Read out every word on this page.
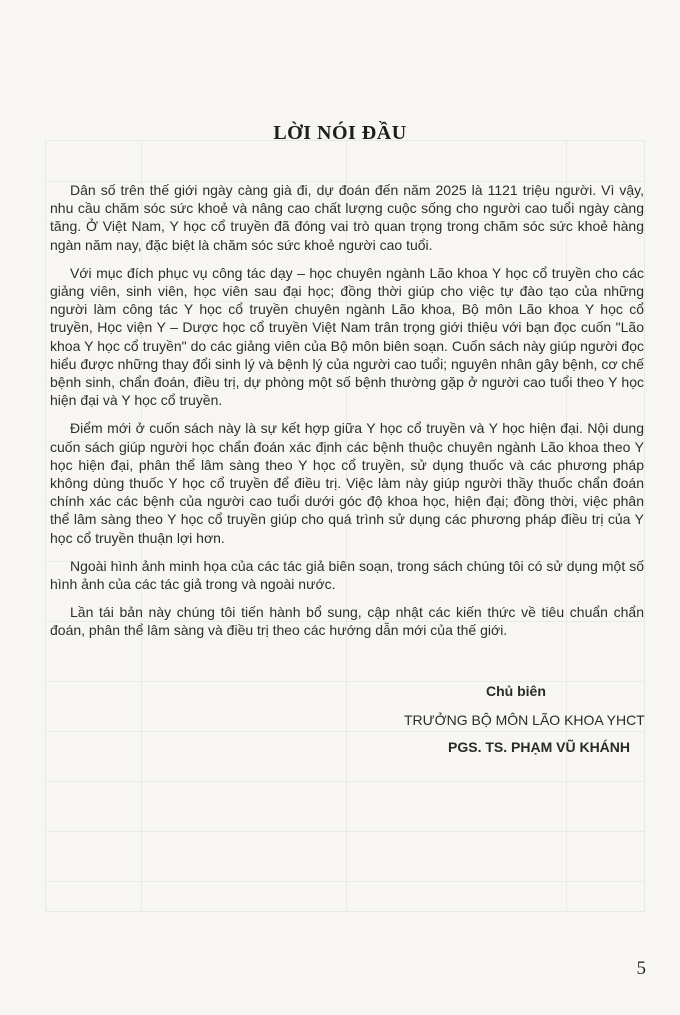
LỜI NÓI ĐẦU

Dân số trên thế giới ngày càng già đi, dự đoán đến năm 2025 là 1121 triệu người. Vì vậy, nhu cầu chăm sóc sức khoẻ và nâng cao chất lượng cuộc sống cho người cao tuổi ngày càng tăng. Ở Việt Nam, Y học cổ truyền đã đóng vai trò quan trọng trong chăm sóc sức khoẻ hàng ngàn năm nay, đặc biệt là chăm sóc sức khoẻ người cao tuổi.

Với mục đích phục vụ công tác dạy – học chuyên ngành Lão khoa Y học cổ truyền cho các giảng viên, sinh viên, học viên sau đại học; đồng thời giúp cho việc tự đào tạo của những người làm công tác Y học cổ truyền chuyên ngành Lão khoa, Bộ môn Lão khoa Y học cổ truyền, Học viện Y – Dược học cổ truyền Việt Nam trân trọng giới thiệu với bạn đọc cuốn "Lão khoa Y học cổ truyền" do các giảng viên của Bộ môn biên soạn. Cuốn sách này giúp người đọc hiểu được những thay đổi sinh lý và bệnh lý của người cao tuổi; nguyên nhân gây bệnh, cơ chế bệnh sinh, chẩn đoán, điều trị, dự phòng một số bệnh thường gặp ở người cao tuổi theo Y học hiện đại và Y học cổ truyền.

Điểm mới ở cuốn sách này là sự kết hợp giữa Y học cổ truyền và Y học hiện đại. Nội dung cuốn sách giúp người học chẩn đoán xác định các bệnh thuộc chuyên ngành Lão khoa theo Y học hiện đại, phân thể lâm sàng theo Y học cổ truyền, sử dụng thuốc và các phương pháp không dùng thuốc Y học cổ truyền để điều trị. Việc làm này giúp người thầy thuốc chẩn đoán chính xác các bệnh của người cao tuổi dưới góc độ khoa học, hiện đại; đồng thời, việc phân thể lâm sàng theo Y học cổ truyền giúp cho quá trình sử dụng các phương pháp điều trị của Y học cổ truyền thuận lợi hơn.

Ngoài hình ảnh minh họa của các tác giả biên soạn, trong sách chúng tôi có sử dụng một số hình ảnh của các tác giả trong và ngoài nước.

Lần tái bản này chúng tôi tiến hành bổ sung, cập nhật các kiến thức về tiêu chuẩn chẩn đoán, phân thể lâm sàng và điều trị theo các hướng dẫn mới của thế giới.

Chủ biên
TRƯỞNG BỘ MÔN LÃO KHOA YHCT
PGS. TS. PHẠM VŨ KHÁNH
5
